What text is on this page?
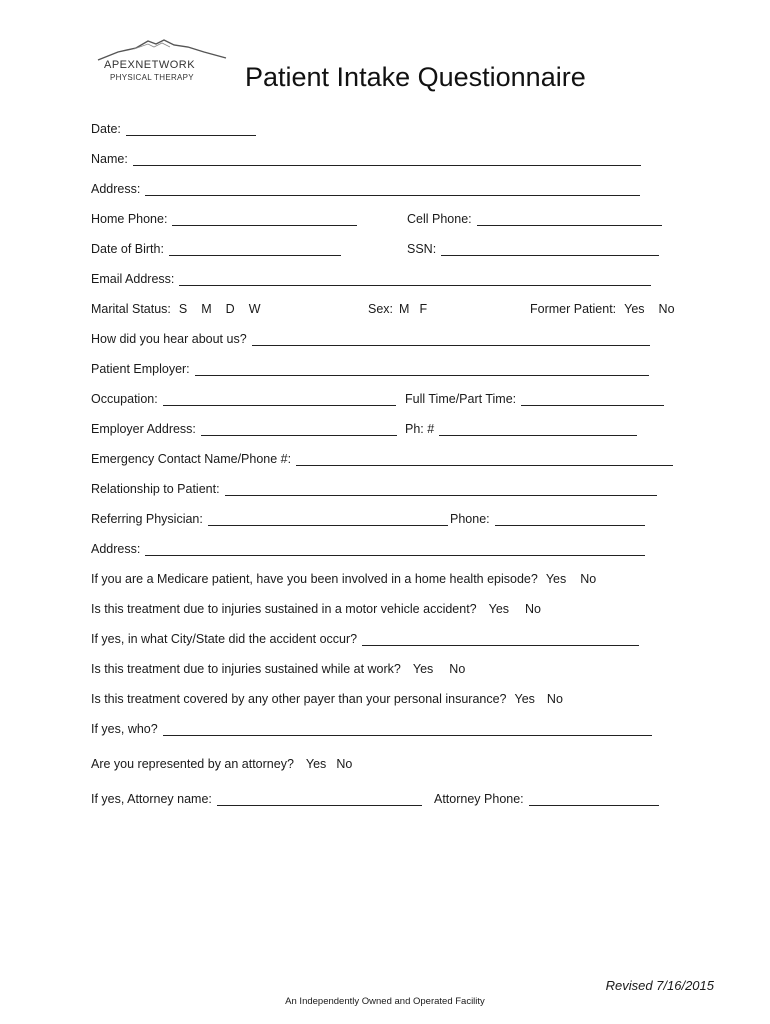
APEXNETWORK
PHYSICAL THERAPY Patient Intake Questionnaire
Date:
Name:
Address:
Home Phone:	Cell Phone:
Date of Birth:	SSN:
Email Address:
Marital Status: S M D W	Sex: M F	Former Patient: Yes No
How did you hear about us?
Patient Employer:
Occupation:	Full Time/Part Time:
Employer Address:	Ph: #
Emergency Contact Name/Phone #:
Relationship to Patient:
Referring Physician:	Phone:
Address:
If you are a Medicare patient, have you been involved in a home health episode? Yes No
Is this treatment due to injuries sustained in a motor vehicle accident? Yes No
If yes, in what City/State did the accident occur?
Is this treatment due to injuries sustained while at work? Yes No
Is this treatment covered by any other payer than your personal insurance? Yes No
If yes, who?
Are you represented by an attorney? Yes No
If yes, Attorney name:	Attorney Phone:
Revised 7/16/2015
An Independently Owned and Operated Facility
